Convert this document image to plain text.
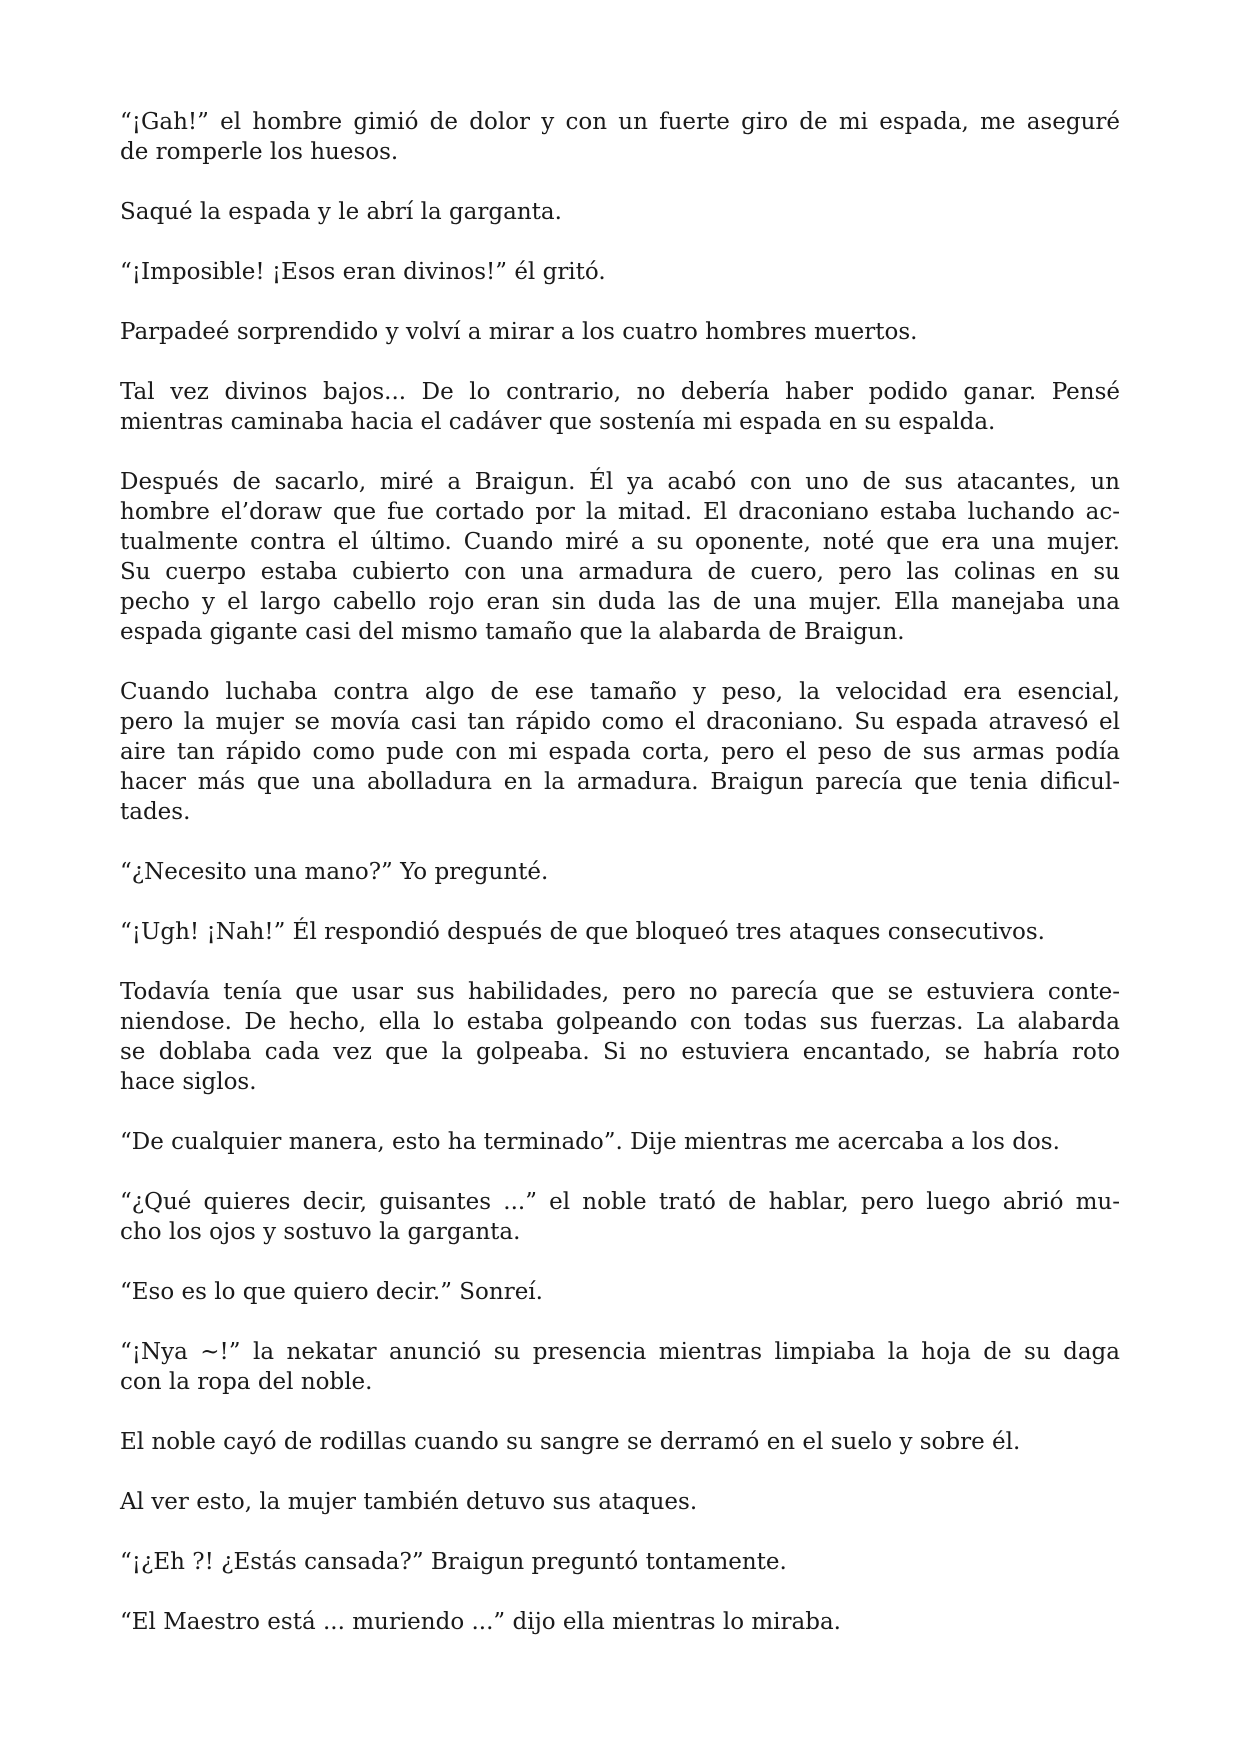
“¡Gah!” el hombre gimió de dolor y con un fuerte giro de mi espada, me aseguré
de romperle los huesos.

Saqué la espada y le abrí la garganta.

“¡Imposible! ¡Esos eran divinos!” él gritó.

Parpadeé sorprendido y volví a mirar a los cuatro hombres muertos.

Tal vez divinos bajos... De lo contrario, no debería haber podido ganar. Pensé
mientras caminaba hacia el cadáver que sostenía mi espada en su espalda.

Después de sacarlo, miré a Braigun. Él ya acabó con uno de sus atacantes, un
hombre el’doraw que fue cortado por la mitad. El draconiano estaba luchando ac-
tualmente contra el último. Cuando miré a su oponente, noté que era una mujer.
Su cuerpo estaba cubierto con una armadura de cuero, pero las colinas en su
pecho y el largo cabello rojo eran sin duda las de una mujer. Ella manejaba una
espada gigante casi del mismo tamaño que la alabarda de Braigun.

Cuando luchaba contra algo de ese tamaño y peso, la velocidad era esencial,
pero la mujer se movía casi tan rápido como el draconiano. Su espada atravesó el
aire tan rápido como pude con mi espada corta, pero el peso de sus armas podía
hacer más que una abolladura en la armadura. Braigun parecía que tenia dificul-
tades.

“¿Necesito una mano?” Yo pregunté.

“¡Ugh! ¡Nah!” Él respondió después de que bloqueó tres ataques consecutivos.

Todavía tenía que usar sus habilidades, pero no parecía que se estuviera conte-
niendose. De hecho, ella lo estaba golpeando con todas sus fuerzas. La alabarda
se doblaba cada vez que la golpeaba. Si no estuviera encantado, se habría roto
hace siglos.

“De cualquier manera, esto ha terminado”. Dije mientras me acercaba a los dos.

“¿Qué quieres decir, guisantes ...” el noble trató de hablar, pero luego abrió mu-
cho los ojos y sostuvo la garganta.

“Eso es lo que quiero decir.” Sonreí.

“¡Nya ~!” la nekatar anunció su presencia mientras limpiaba la hoja de su daga
con la ropa del noble.

El noble cayó de rodillas cuando su sangre se derramó en el suelo y sobre él.

Al ver esto, la mujer también detuvo sus ataques.

“¡¿Eh ?! ¿Estás cansada?” Braigun preguntó tontamente.

“El Maestro está ... muriendo ...” dijo ella mientras lo miraba.
